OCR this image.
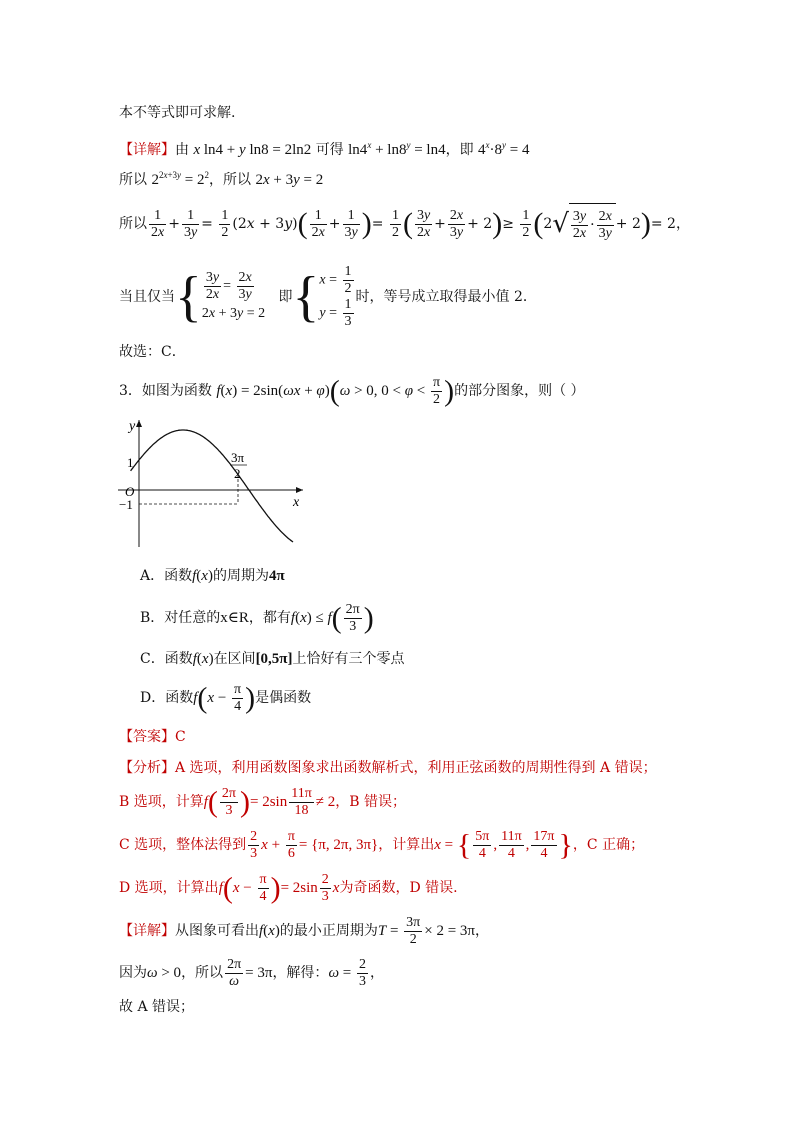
本不等式即可求解.
【详解】由 x ln4 + y ln8 = 2ln2 可得 $\ln 4^x + \ln 8^y = \ln 4$，即 $4^x\cdot 8^y = 4$
所以 $2^{2x+3y} = 2^2$，所以 2x + 3y = 2
所以 $\frac{1}{2x} + \frac{1}{3y} = \frac{1}{2} (2x + 3y)( \frac{1}{2x} + \frac{1}{3y}$ )= $\frac{1}{2}$ ( $\frac{3y}{2x} + \frac{2x}{3y} + 2)\ge \frac{1}{2} (2√ \frac{3y}{2x} \cdot \frac{2x}{3y} + 2)= 2$，
当且仅当{ $\frac{3y}{2x} = \frac{2x}{3y}$

2x + 3y = 2   即{$x = \frac{1}{2}$

$y = \frac{1}{3}$ 时，等号成立取得最小值 2．
故选：C．
3．如图为函数 f(x) = 2sin(ωx + φ)(ω > 0, $0 < \varphi < \frac{\pi}{2}$ )的部分图象，则（ ）
y
x
O
1
−1
3π
2
A．函数f(x)的周期为4π
B．对任意的x∈R，都有$f(x) \le f( \frac{2\pi}{3}$ )
C．函数f(x)在区间[0,5π]上恰好有三个零点
D．函数$f(x - \frac{\pi}{4}$ )是偶函数
【答案】C
【分析】A 选项，利用函数图象求出函数解析式，利用正弦函数的周期性得到 A 错误；
B 选项，计算$f( \frac{2\pi}{3}$ )= $2\sin \frac{11\pi}{18} \ne 2$，B 错误；
C 选项，整体法得到 $\frac{2}{3}$ $x + \frac{\pi}{6} = \{\pi$, 2π, 3π}，计算出x = { $\frac{5\pi}{4}$ , $\frac{11\pi}{4}$ , $\frac{17\pi}{4}$ }，C 正确；
D 选项，计算出$f(x - \frac{\pi}{4}$ )= $2\sin \frac{2}{3}$ x为奇函数，D 错误.
【详解】从图象可看出f(x)的最小正周期为$T = \frac{3\pi}{2} \times 2 = 3\pi$，
因为ω > 0，所以 $\frac{2\pi}{\omega} = 3\pi$，解得：$\omega = \frac{2}{3}$ ，
故 A 错误；
